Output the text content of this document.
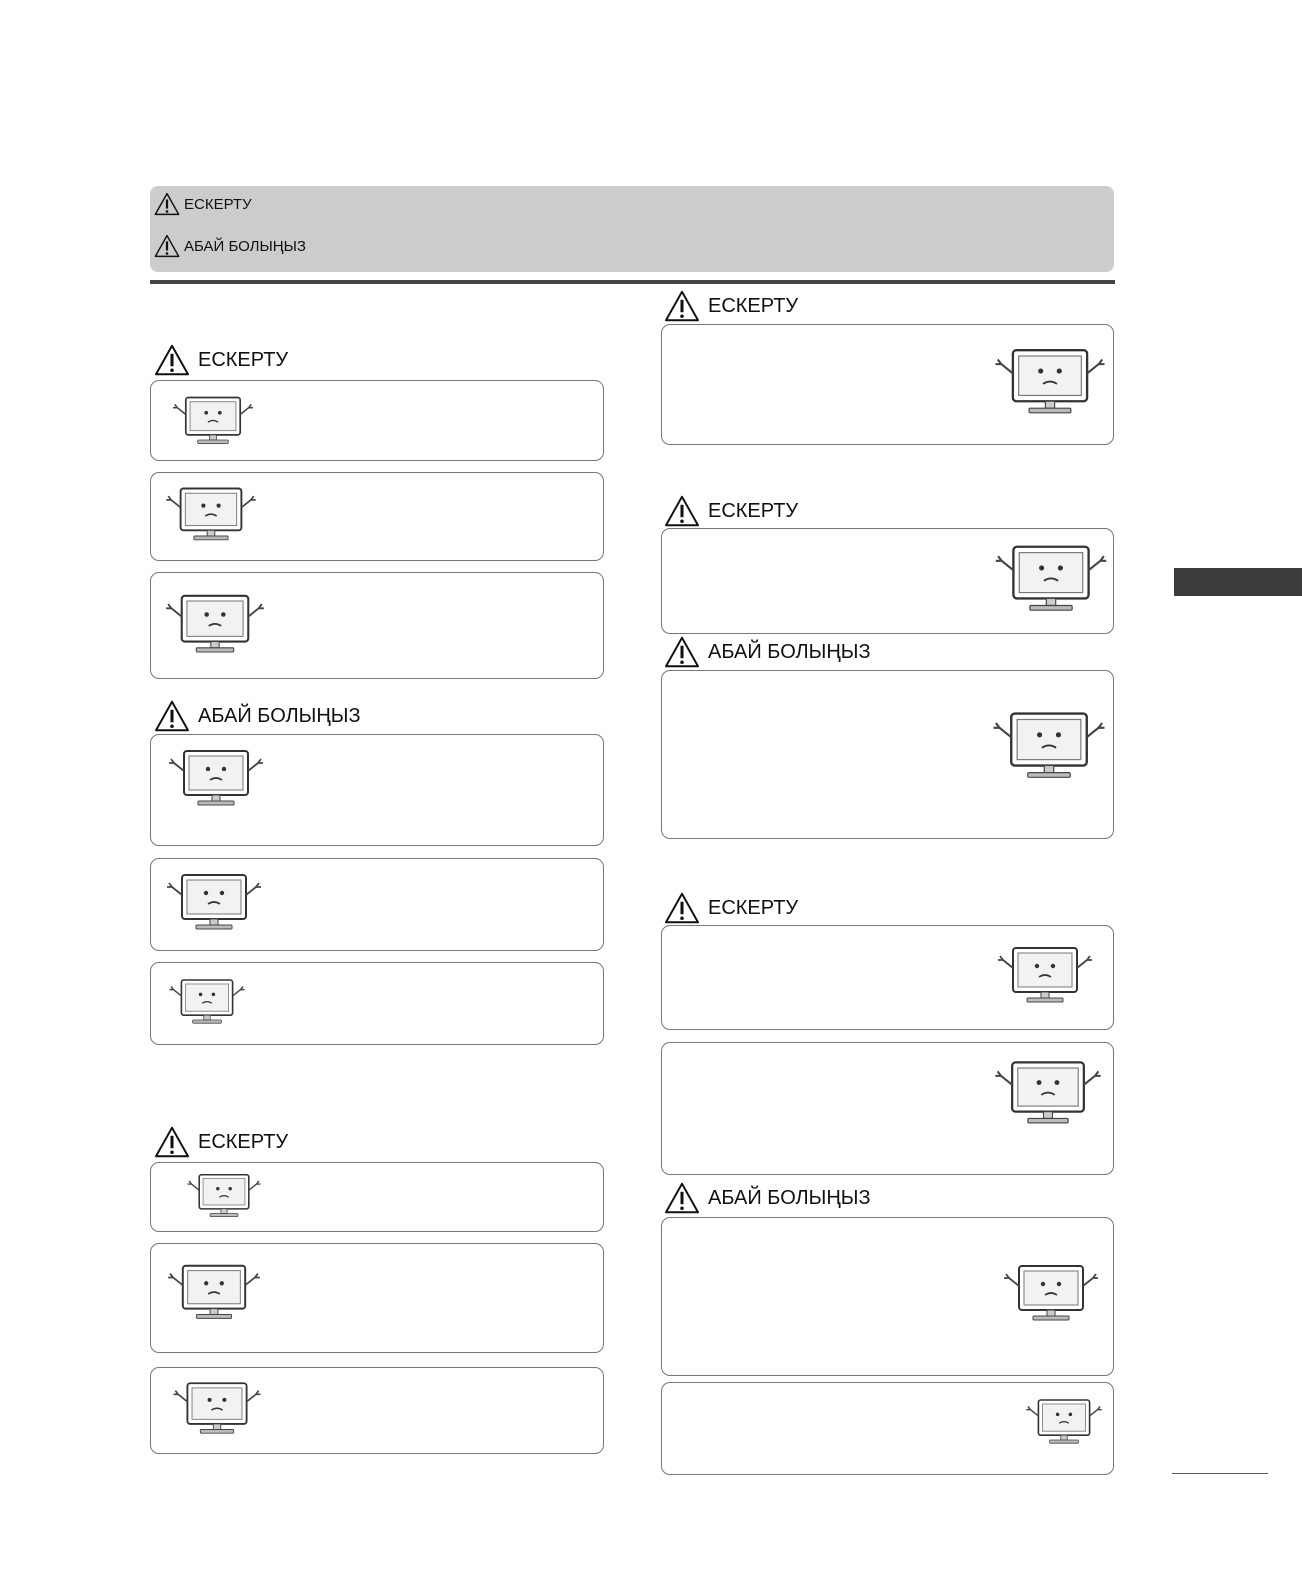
ЕСКЕРТУ
АБАЙ БОЛЫҢЫЗ
ЕСКЕРТУ
АБАЙ БОЛЫҢЫЗ
ЕСКЕРТУ
ЕСКЕРТУ
ЕСКЕРТУ
АБАЙ БОЛЫҢЫЗ
ЕСКЕРТУ
АБАЙ БОЛЫҢЫЗ
